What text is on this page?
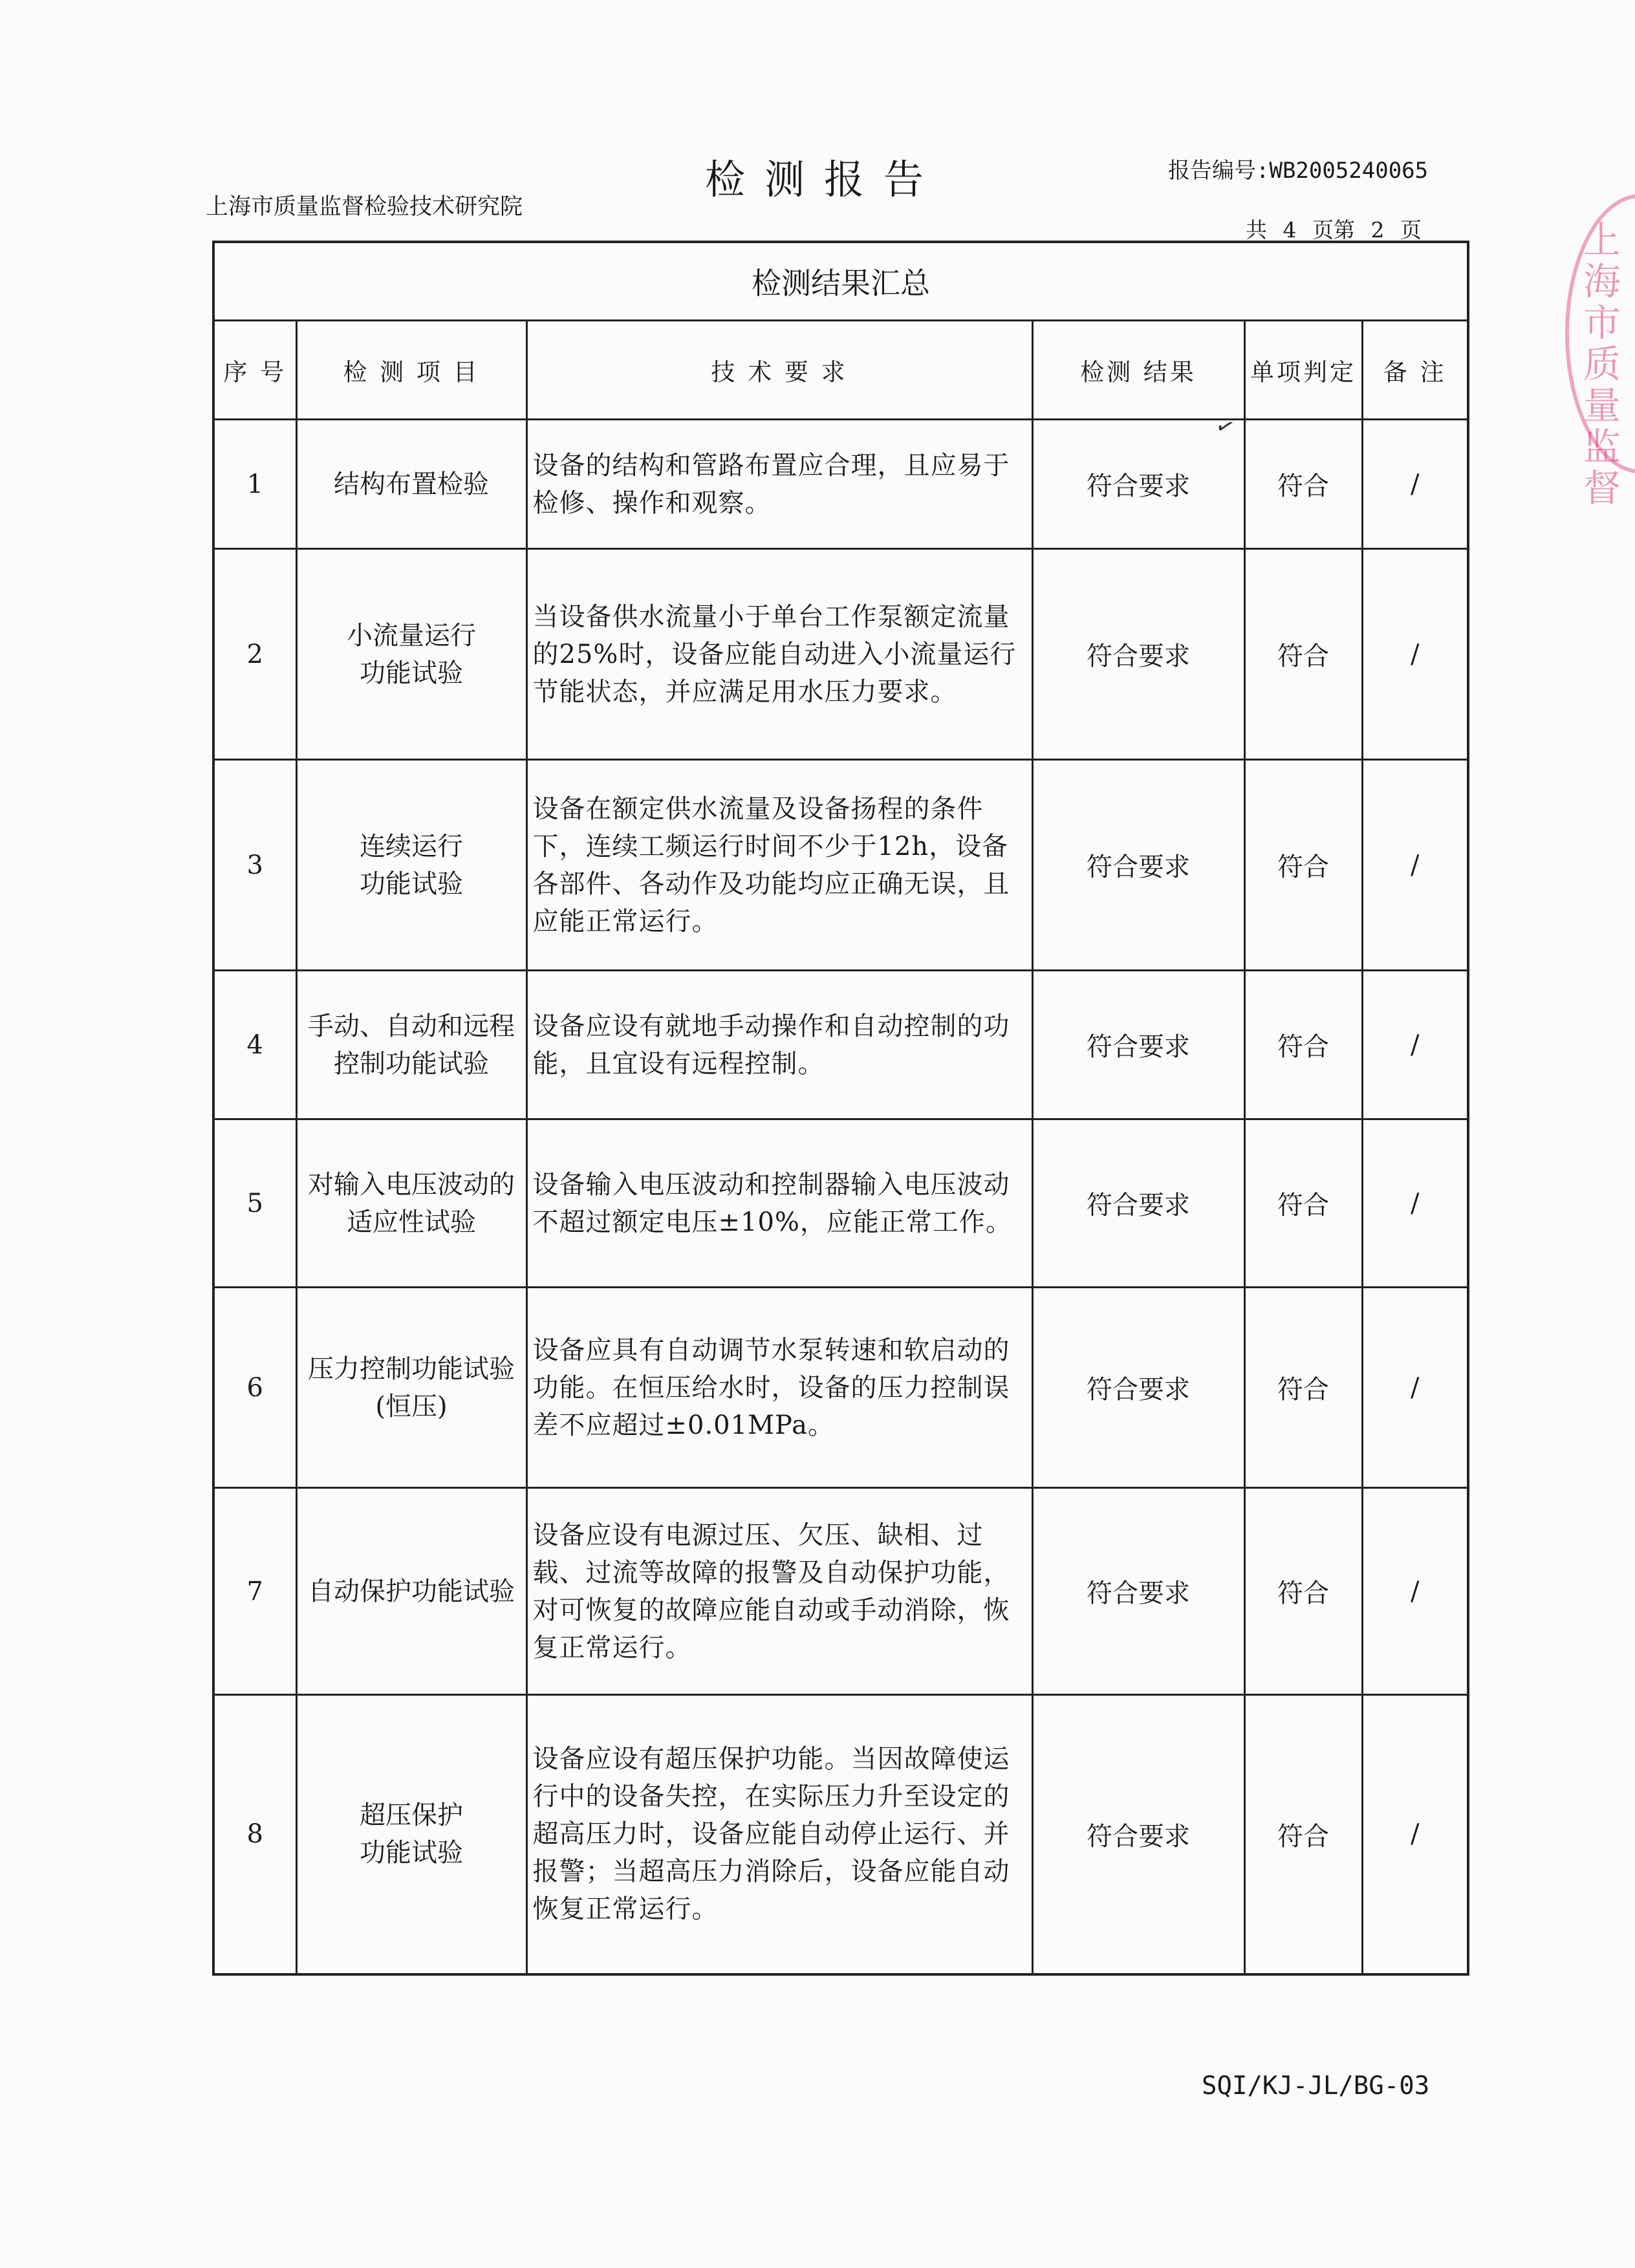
检测报告
上海市质量监督检验技术研究院
报告编号:WB2005240065
共 4 页第 2 页	上海市质量监督
✓
检测结果汇总					
序 号	检 测 项 目	技 术 要 求	检测 结果	单项判定	备 注
1	结构布置检验	设备的结构和管路布置应合理，且应易于检修、操作和观察。	符合要求	符合	/
2	小流量运行功能试验	当设备供水流量小于单台工作泵额定流量的25%时，设备应能自动进入小流量运行节能状态，并应满足用水压力要求。	符合要求	符合	/
3	连续运行功能试验	设备在额定供水流量及设备扬程的条件下，连续工频运行时间不少于12h，设备各部件、各动作及功能均应正确无误，且应能正常运行。	符合要求	符合	/
4	手动、自动和远程控制功能试验	设备应设有就地手动操作和自动控制的功能，且宜设有远程控制。	符合要求	符合	/
5	对输入电压波动的适应性试验	设备输入电压波动和控制器输入电压波动不超过额定电压±10%，应能正常工作。	符合要求	符合	/
6	压力控制功能试验(恒压)	设备应具有自动调节水泵转速和软启动的功能。在恒压给水时，设备的压力控制误差不应超过±0.01MPa。	符合要求	符合	/
7	自动保护功能试验	设备应设有电源过压、欠压、缺相、过载、过流等故障的报警及自动保护功能，对可恢复的故障应能自动或手动消除，恢复正常运行。	符合要求	符合	/
8	超压保护功能试验	设备应设有超压保护功能。当因故障使运行中的设备失控，在实际压力升至设定的超高压力时，设备应能自动停止运行、并报警；当超高压力消除后，设备应能自动恢复正常运行。	符合要求	符合	/
SQI/KJ-JL/BG-03
